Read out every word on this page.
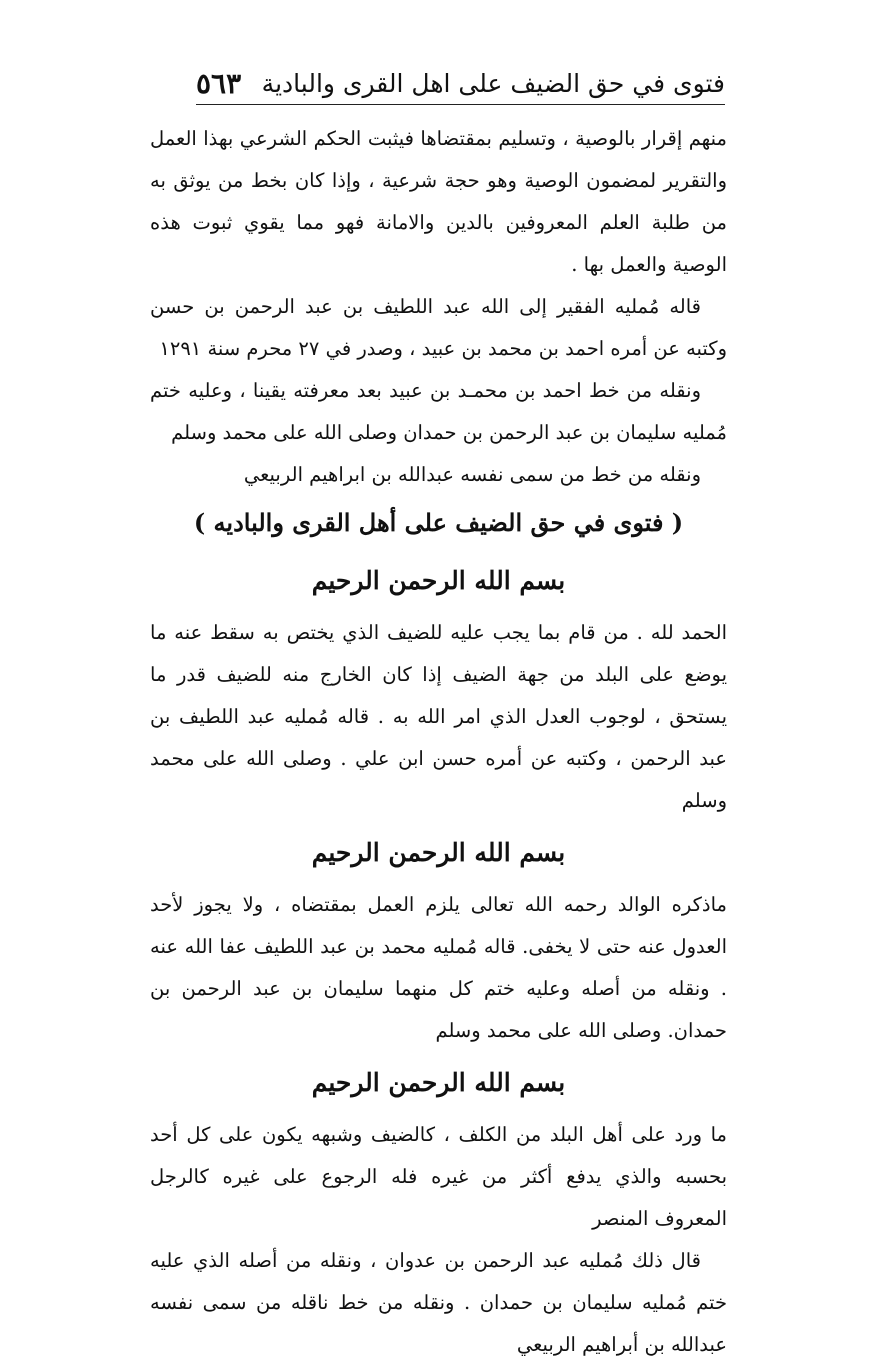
فتوى في حق الضيف على اهل القرى والبادية
٥٦٣

منهم إقرار بالوصية ، وتسليم بمقتضاها فيثبت الحكم الشرعي بهذا العمل والتقرير لمضمون الوصية وهو حجة شرعية ، وإذا كان بخط من يوثق به من طلبة العلم المعروفين بالدين والامانة فهو مما يقوي ثبوت هذه الوصية والعمل بها .

قاله مُمليه الفقير إلى الله عبد اللطيف بن عبد الرحمن بن حسن وكتبه عن أمره احمد بن محمد بن عبيد ، وصدر في ٢٧ محرم سنة ١٢٩١

ونقله من خط احمد بن محمـد بن عبيد بعد معرفته يقينا ، وعليه ختم مُمليه سليمان بن عبد الرحمن بن حمدان وصلى الله على محمد وسلم

ونقله من خط من سمى نفسه عبدالله بن ابراهيم الربيعي

( فتوى في حق الضيف على أهل القرى والباديه )

بسم الله الرحمن الرحيم

الحمد لله . من قام بما يجب عليه للضيف الذي يختص به سقط عنه ما يوضع على البلد من جهة الضيف إذا كان الخارج منه للضيف قدر ما يستحق ، لوجوب العدل الذي امر الله به . قاله مُمليه عبد اللطيف بن عبد الرحمن ، وكتبه عن أمره حسن ابن علي . وصلى الله على محمد وسلم

بسم الله الرحمن الرحيم

ماذكره الوالد رحمه الله تعالى يلزم العمل بمقتضاه ، ولا يجوز لأحد العدول عنه حتى لا يخفى. قاله مُمليه محمد بن عبد اللطيف عفا الله عنه . ونقله من أصله وعليه ختم كل منهما سليمان بن عبد الرحمن بن حمدان. وصلى الله على محمد وسلم

بسم الله الرحمن الرحيم

ما ورد على أهل البلد من الكلف ، كالضيف وشبهه يكون على كل أحد بحسبه والذي يدفع أكثر من غيره فله الرجوع على غيره كالرجل المعروف المنصر

قال ذلك مُمليه عبد الرحمن بن عدوان ، ونقله من أصله الذي عليه ختم مُمليه سليمان بن حمدان . ونقله من خط ناقله من سمى نفسه عبدالله بن أبراهيم الربيعي
